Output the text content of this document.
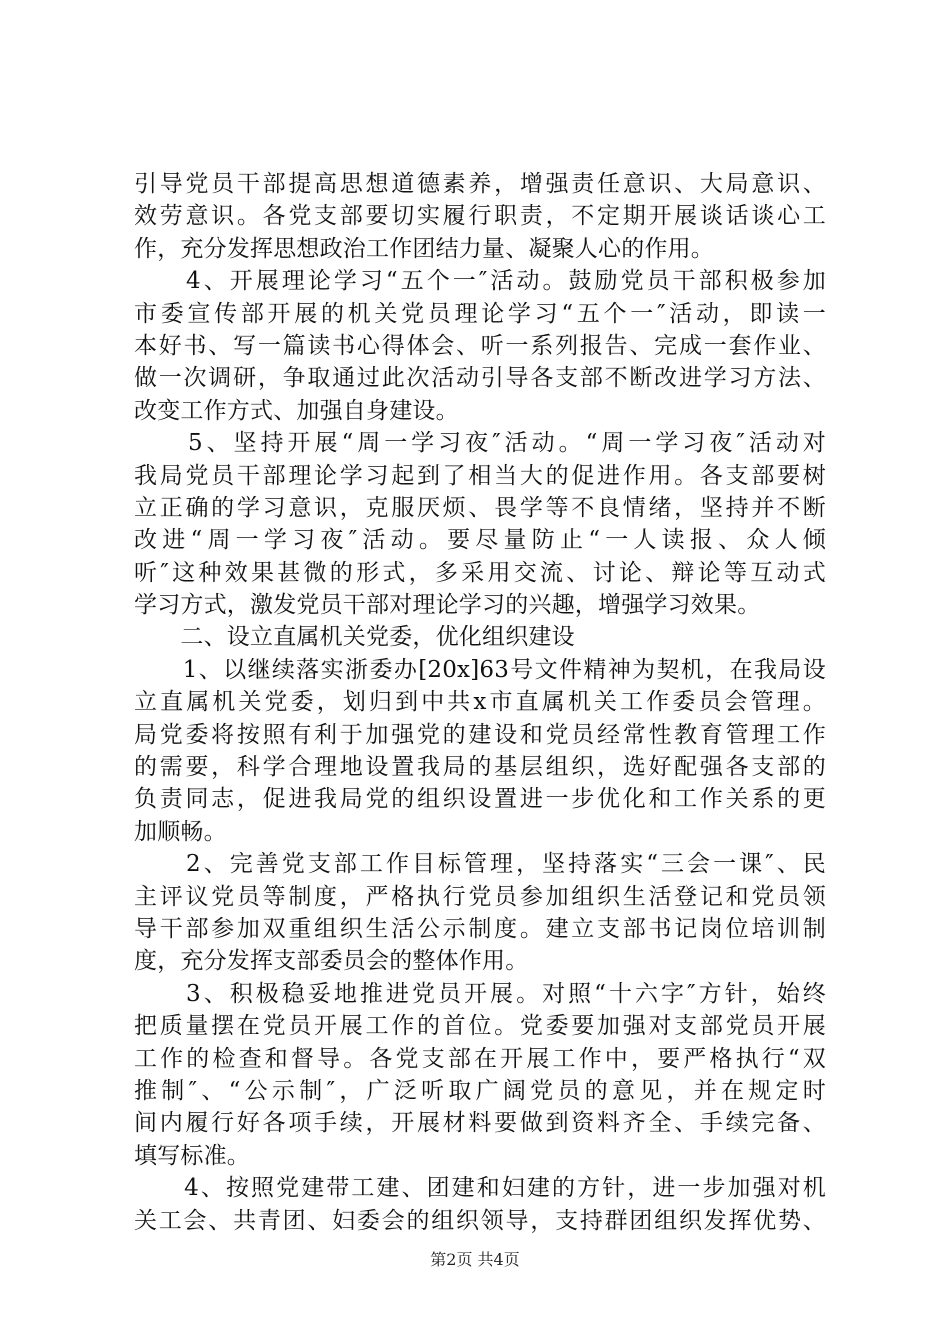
引导党员干部提高思想道德素养，增强责任意识、大局意识、
效劳意识。各党支部要切实履行职责，不定期开展谈话谈心工
作，充分发挥思想政治工作团结力量、凝聚人心的作用。
　　4、开展理论学习“五个一″活动。鼓励党员干部积极参加
市委宣传部开展的机关党员理论学习“五个一″活动，即读一
本好书、写一篇读书心得体会、听一系列报告、完成一套作业、
做一次调研，争取通过此次活动引导各支部不断改进学习方法、
改变工作方式、加强自身建设。
　　5、坚持开展“周一学习夜″活动。“周一学习夜″活动对
我局党员干部理论学习起到了相当大的促进作用。各支部要树
立正确的学习意识，克服厌烦、畏学等不良情绪，坚持并不断
改进“周一学习夜″活动。要尽量防止“一人读报、众人倾
听″这种效果甚微的形式，多采用交流、讨论、辩论等互动式
学习方式，激发党员干部对理论学习的兴趣，增强学习效果。
　　二、设立直属机关党委，优化组织建设
　　1、以继续落实浙委办[20x]63号文件精神为契机，在我局设
立直属机关党委，划归到中共x市直属机关工作委员会管理。
局党委将按照有利于加强党的建设和党员经常性教育管理工作
的需要，科学合理地设置我局的基层组织，选好配强各支部的
负责同志，促进我局党的组织设置进一步优化和工作关系的更
加顺畅。
　　2、完善党支部工作目标管理，坚持落实“三会一课″、民
主评议党员等制度，严格执行党员参加组织生活登记和党员领
导干部参加双重组织生活公示制度。建立支部书记岗位培训制
度，充分发挥支部委员会的整体作用。
　　3、积极稳妥地推进党员开展。对照“十六字″方针，始终
把质量摆在党员开展工作的首位。党委要加强对支部党员开展
工作的检查和督导。各党支部在开展工作中，要严格执行“双
推制″、“公示制″，广泛听取广阔党员的意见，并在规定时
间内履行好各项手续，开展材料要做到资料齐全、手续完备、
填写标准。
　　4、按照党建带工建、团建和妇建的方针，进一步加强对机
关工会、共青团、妇委会的组织领导，支持群团组织发挥优势、
第2页 共4页
